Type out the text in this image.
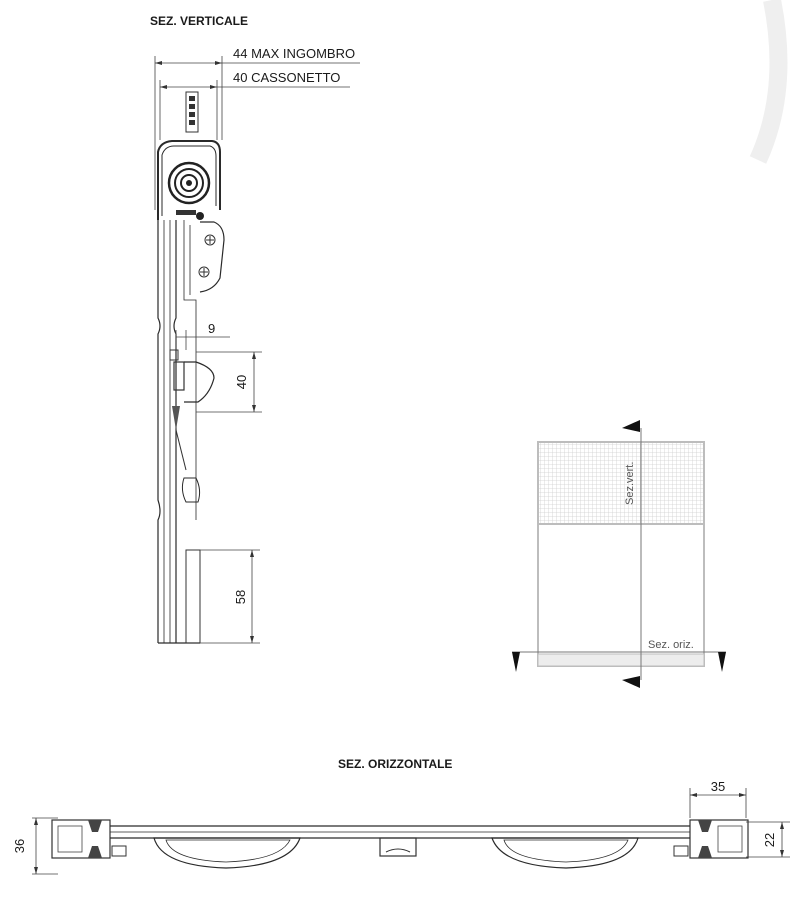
SEZ. VERTICALE
44 MAX INGOMBRO
40 CASSONETTO
9
40
58
Sez.vert.
Sez. oriz.
SEZ. ORIZZONTALE
35
36	22
